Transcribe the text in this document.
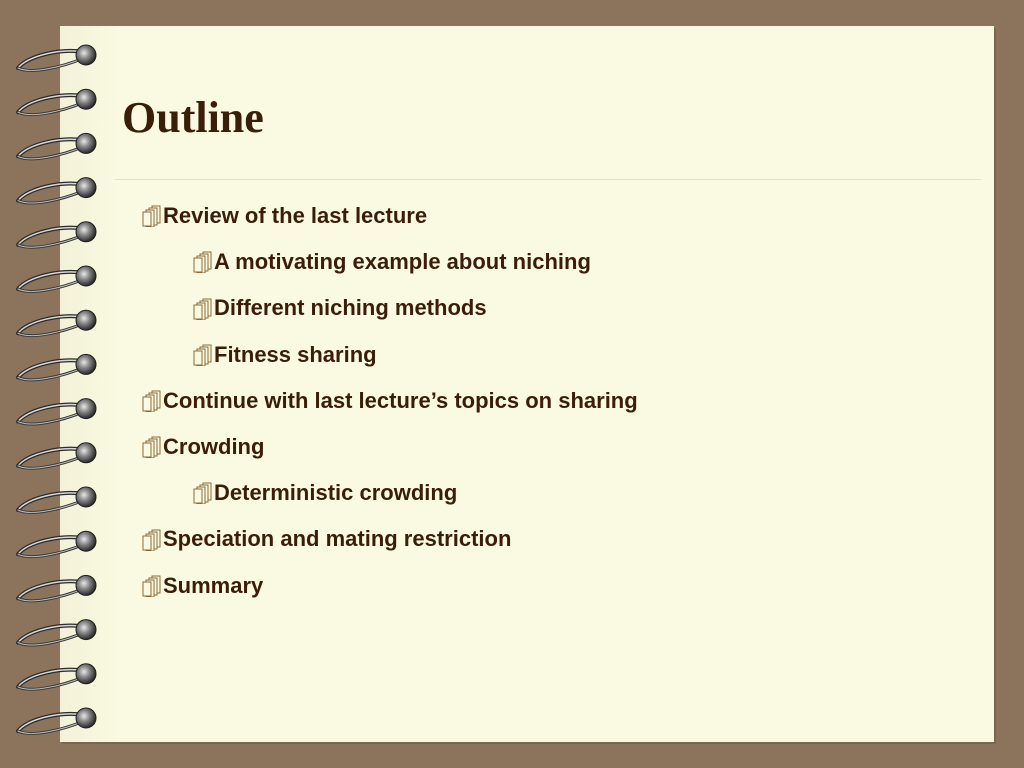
Outline
Review of the last lecture
A motivating example about niching
Different niching methods
Fitness sharing
Continue with last lecture’s topics on sharing
Crowding
Deterministic crowding
Speciation and mating restriction
Summary
